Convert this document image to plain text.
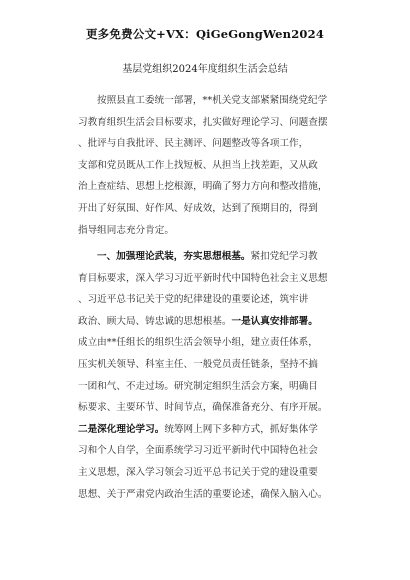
更多免费公文+VX：QiGeGongWen2024
基层党组织2024年度组织生活会总结
按照县直工委统一部署，**机关党支部紧紧围绕党纪学
习教育组织生活会目标要求，扎实做好理论学习、问题查摆
、批评与自我批评、民主测评、问题整改等各项工作，
支部和党员既从工作上找短板、从担当上找差距，又从政
治上查症结、思想上挖根源，明确了努力方向和整改措施，
开出了好氛围、好作风、好成效，达到了预期目的，得到
指导组同志充分肯定。
一、加强理论武装，夯实思想根基。紧扣党纪学习教
育目标要求，深入学习习近平新时代中国特色社会主义思想
、习近平总书记关于党的纪律建设的重要论述，筑牢讲
政治、顾大局、铸忠诚的思想根基。一是认真安排部署。
成立由**任组长的组织生活会领导小组，建立责任体系，
压实机关领导、科室主任、一般党员责任链条，坚持不搞
一团和气、不走过场。研究制定组织生活会方案，明确目
标要求、主要环节、时间节点，确保准备充分、有序开展。
二是深化理论学习。统筹网上网下多种方式，抓好集体学
习和个人自学，全面系统学习习近平新时代中国特色社会
主义思想，深入学习领会习近平总书记关于党的建设重要
思想、关于严肃党内政治生活的重要论述，确保入脑入心。
